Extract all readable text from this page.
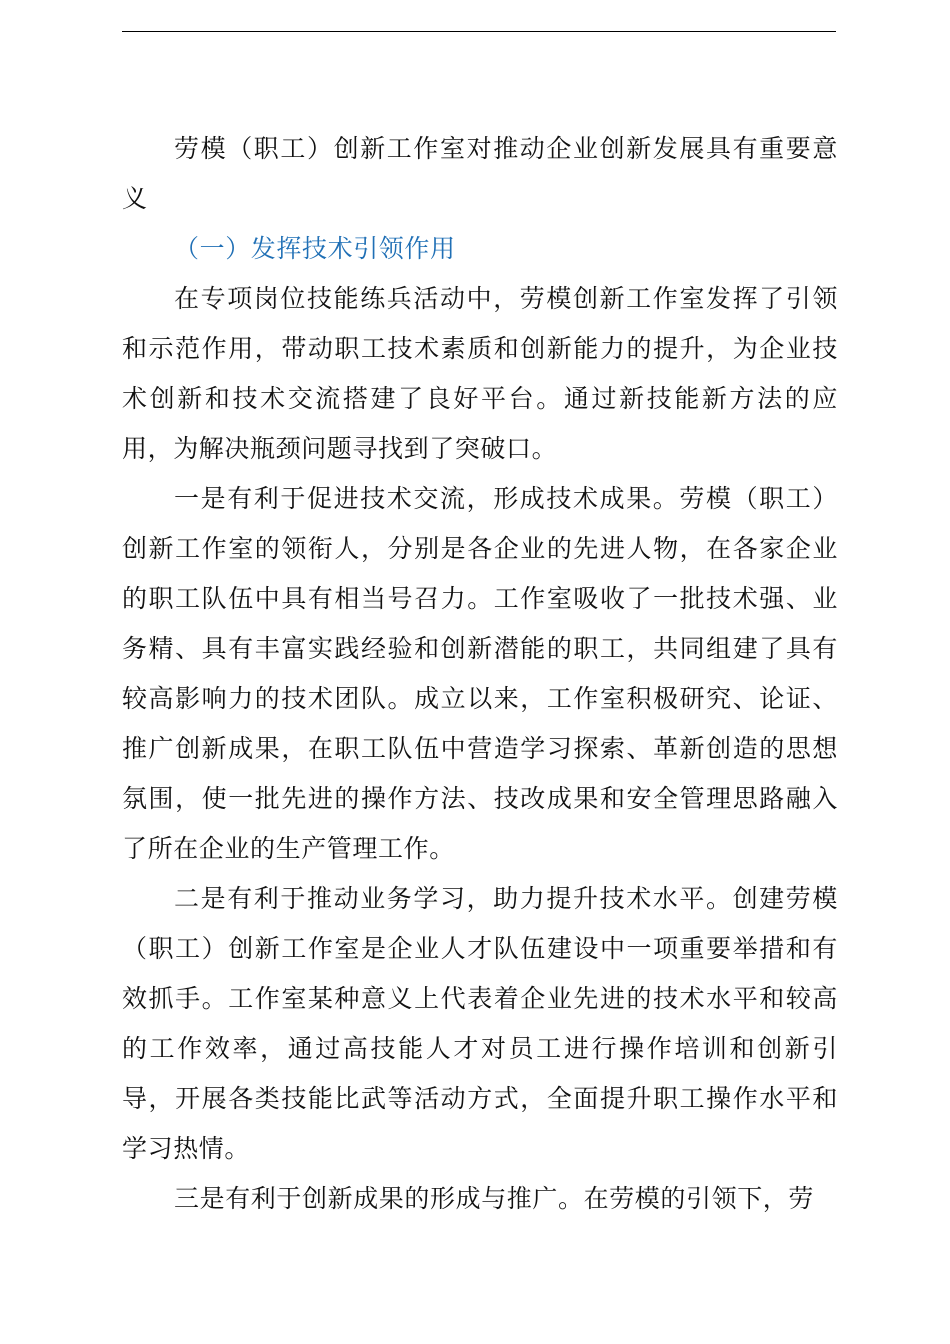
劳模（职工）创新工作室对推动企业创新发展具有重要意义

（一）发挥技术引领作用

在专项岗位技能练兵活动中，劳模创新工作室发挥了引领和示范作用，带动职工技术素质和创新能力的提升，为企业技术创新和技术交流搭建了良好平台。通过新技能新方法的应用，为解决瓶颈问题寻找到了突破口。

一是有利于促进技术交流，形成技术成果。劳模（职工）创新工作室的领衔人，分别是各企业的先进人物，在各家企业的职工队伍中具有相当号召力。工作室吸收了一批技术强、业务精、具有丰富实践经验和创新潜能的职工，共同组建了具有较高影响力的技术团队。成立以来，工作室积极研究、论证、推广创新成果，在职工队伍中营造学习探索、革新创造的思想氛围，使一批先进的操作方法、技改成果和安全管理思路融入了所在企业的生产管理工作。

二是有利于推动业务学习，助力提升技术水平。创建劳模（职工）创新工作室是企业人才队伍建设中一项重要举措和有效抓手。工作室某种意义上代表着企业先进的技术水平和较高的工作效率，通过高技能人才对员工进行操作培训和创新引导，开展各类技能比武等活动方式，全面提升职工操作水平和学习热情。

三是有利于创新成果的形成与推广。在劳模的引领下，劳
